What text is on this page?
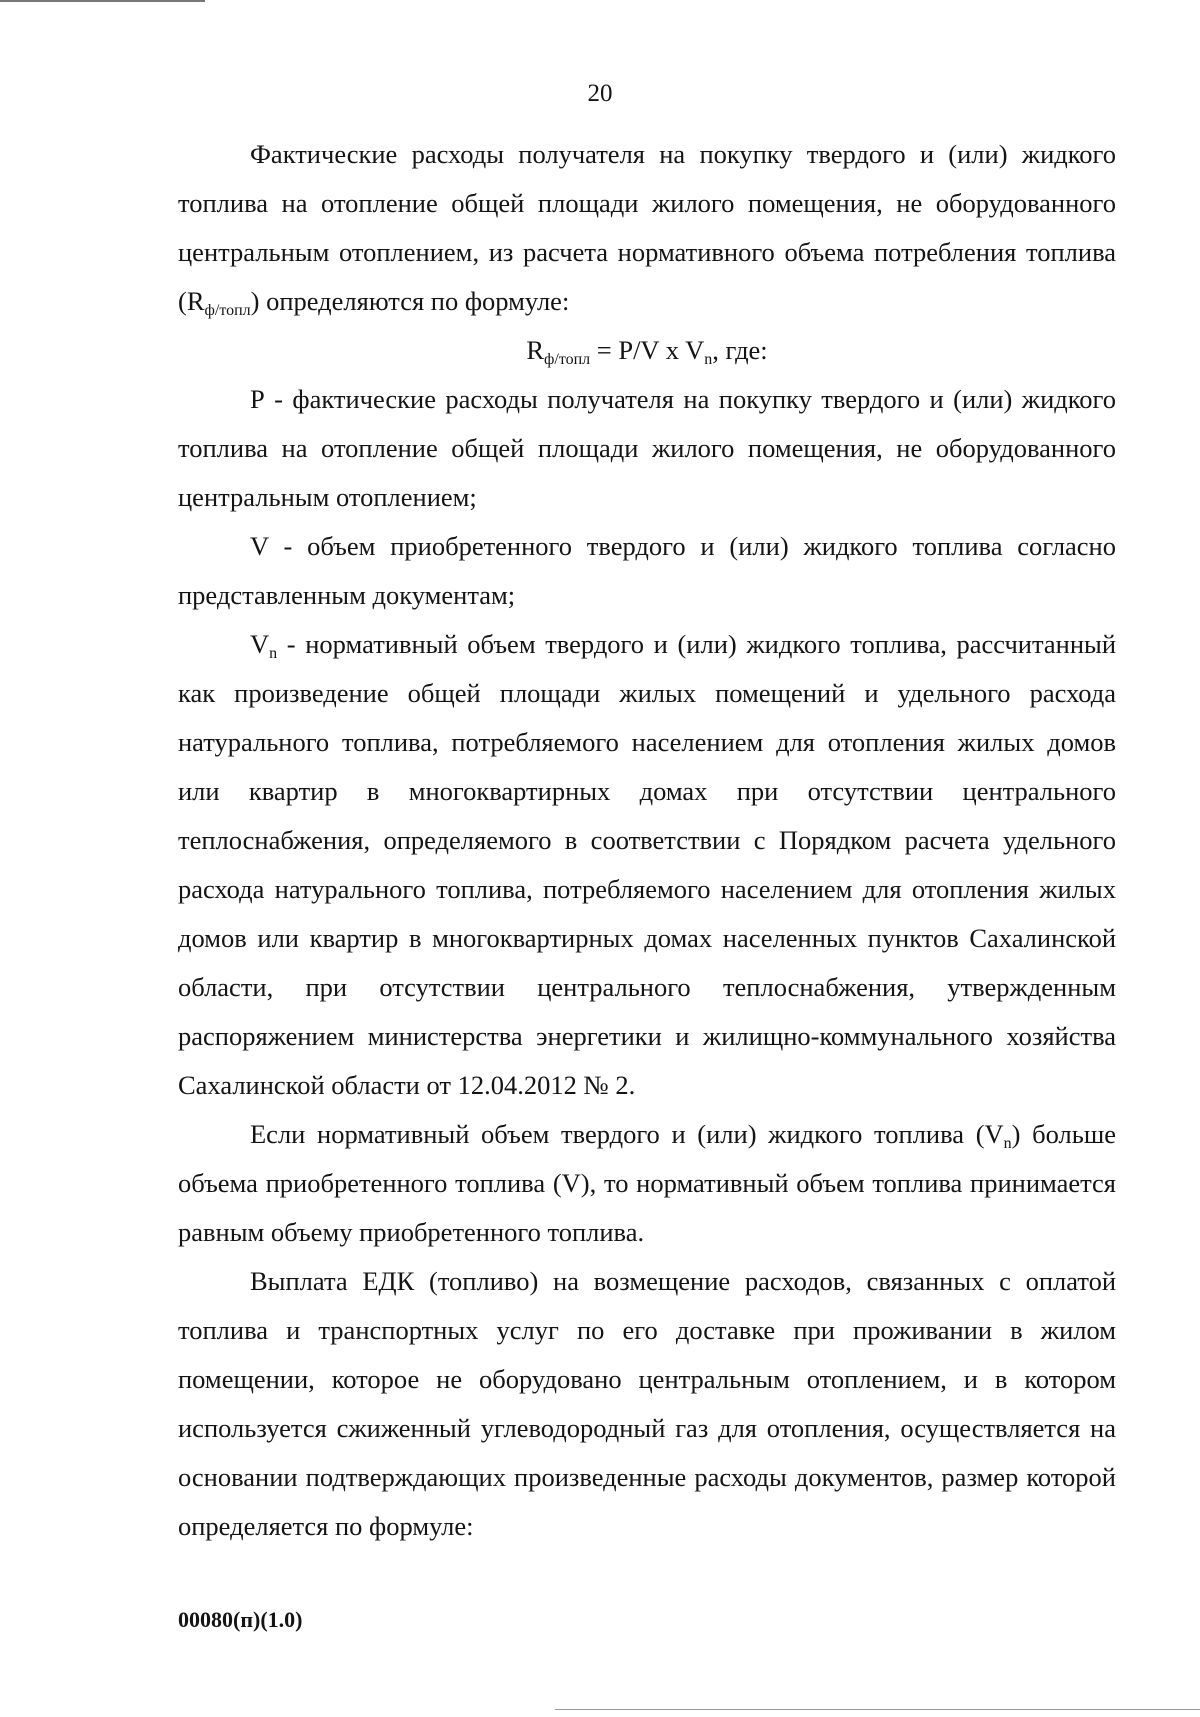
20

Фактические расходы получателя на покупку твердого и (или) жидкого топлива на отопление общей площади жилого помещения, не оборудованного центральным отоплением, из расчета нормативного объема потребления топлива $(R_{ф/топл})$ определяются по формуле:

$R_{ф/топл} = P/V$ x $V_n$, где:

Р - фактические расходы получателя на покупку твердого и (или) жидкого топлива на отопление общей площади жилого помещения, не оборудованного центральным отоплением;

V - объем приобретенного твердого и (или) жидкого топлива согласно представленным документам;

$V_n$ - нормативный объем твердого и (или) жидкого топлива, рассчитанный как произведение общей площади жилых помещений и удельного расхода натурального топлива, потребляемого населением для отопления жилых домов или квартир в многоквартирных домах при отсутствии центрального теплоснабжения, определяемого в соответствии с Порядком расчета удельного расхода натурального топлива, потребляемого населением для отопления жилых домов или квартир в многоквартирных домах населенных пунктов Сахалинской области, при отсутствии центрального теплоснабжения, утвержденным распоряжением министерства энергетики и жилищно-коммунального хозяйства Сахалинской области от 12.04.2012 № 2.

Если нормативный объем твердого и (или) жидкого топлива $(V_n)$ больше объема приобретенного топлива (V), то нормативный объем топлива принимается равным объему приобретенного топлива.

Выплата ЕДК (топливо) на возмещение расходов, связанных с оплатой топлива и транспортных услуг по его доставке при проживании в жилом помещении, которое не оборудовано центральным отоплением, и в котором используется сжиженный углеводородный газ для отопления, осуществляется на основании подтверждающих произведенные расходы документов, размер которой определяется по формуле:

00080(п)(1.0)
